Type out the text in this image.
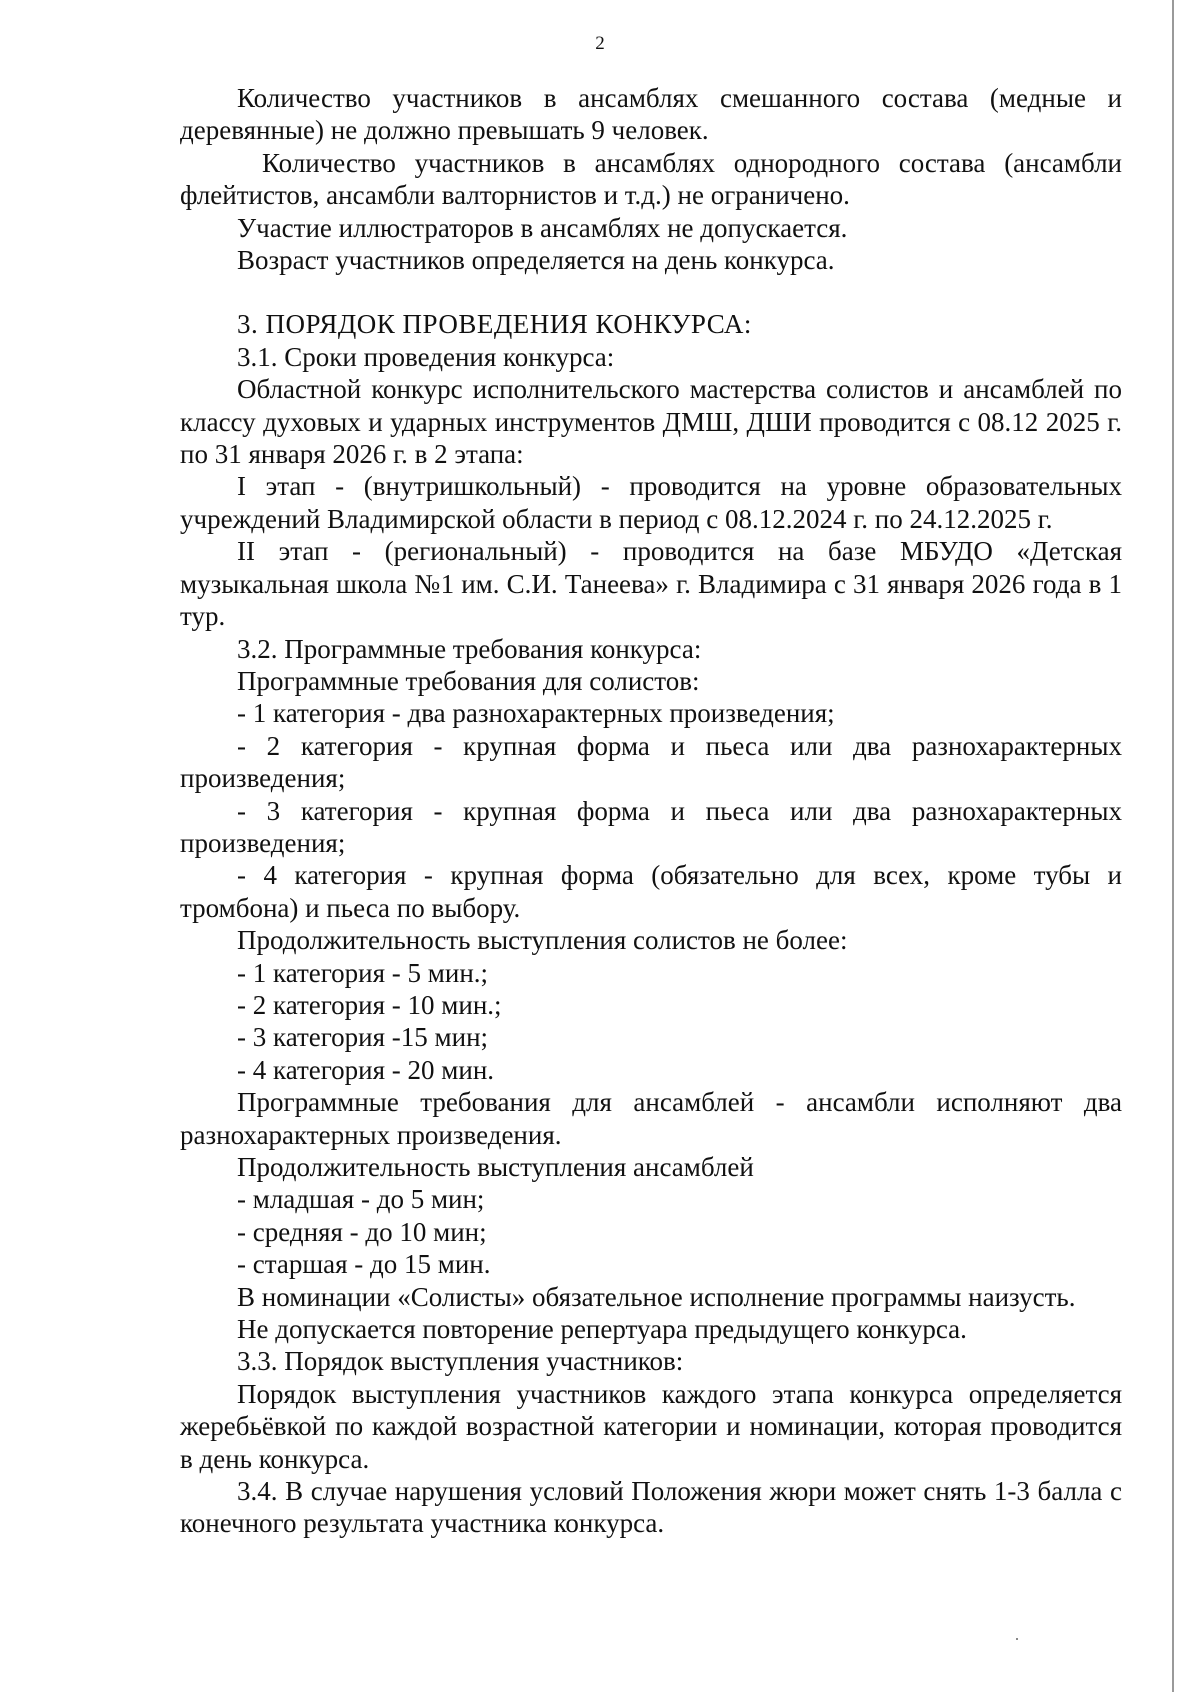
2

Количество участников в ансамблях смешанного состава (медные и деревянные) не должно превышать 9 человек.

Количество участников в ансамблях однородного состава (ансамбли флейтистов, ансамбли валторнистов и т.д.) не ограничено.

Участие иллюстраторов в ансамблях не допускается.

Возраст участников определяется на день конкурса.

3. ПОРЯДОК ПРОВЕДЕНИЯ КОНКУРСА:

3.1. Сроки проведения конкурса:

Областной конкурс исполнительского мастерства солистов и ансамблей по классу духовых и ударных инструментов ДМШ, ДШИ проводится с 08.12 2025 г. по 31 января 2026 г. в 2 этапа:

I этап - (внутришкольный) - проводится на уровне образовательных учреждений Владимирской области в период с 08.12.2024 г. по 24.12.2025 г.

II этап - (региональный) - проводится на базе МБУДО «Детская музыкальная школа №1 им. С.И. Танеева» г. Владимира с 31 января 2026 года в 1 тур.

3.2. Программные требования конкурса:

Программные требования для солистов:

- 1 категория - два разнохарактерных произведения;

- 2 категория - крупная форма и пьеса или два разнохарактерных произведения;

- 3 категория - крупная форма и пьеса или два разнохарактерных произведения;

- 4 категория - крупная форма (обязательно для всех, кроме тубы и тромбона) и пьеса по выбору.

Продолжительность выступления солистов не более:

- 1 категория - 5 мин.;

- 2 категория - 10 мин.;

- 3 категория -15 мин;

- 4 категория - 20 мин.

Программные требования для ансамблей - ансамбли исполняют два разнохарактерных произведения.

Продолжительность выступления ансамблей

- младшая - до 5 мин;

- средняя - до 10 мин;

- старшая - до 15 мин.

В номинации «Солисты» обязательное исполнение программы наизусть.

Не допускается повторение репертуара предыдущего конкурса.

3.3. Порядок выступления участников:

Порядок выступления участников каждого этапа конкурса определяется жеребьёвкой по каждой возрастной категории и номинации, которая проводится в день конкурса.

3.4. В случае нарушения условий Положения жюри может снять 1-3 балла с конечного результата участника конкурса.
